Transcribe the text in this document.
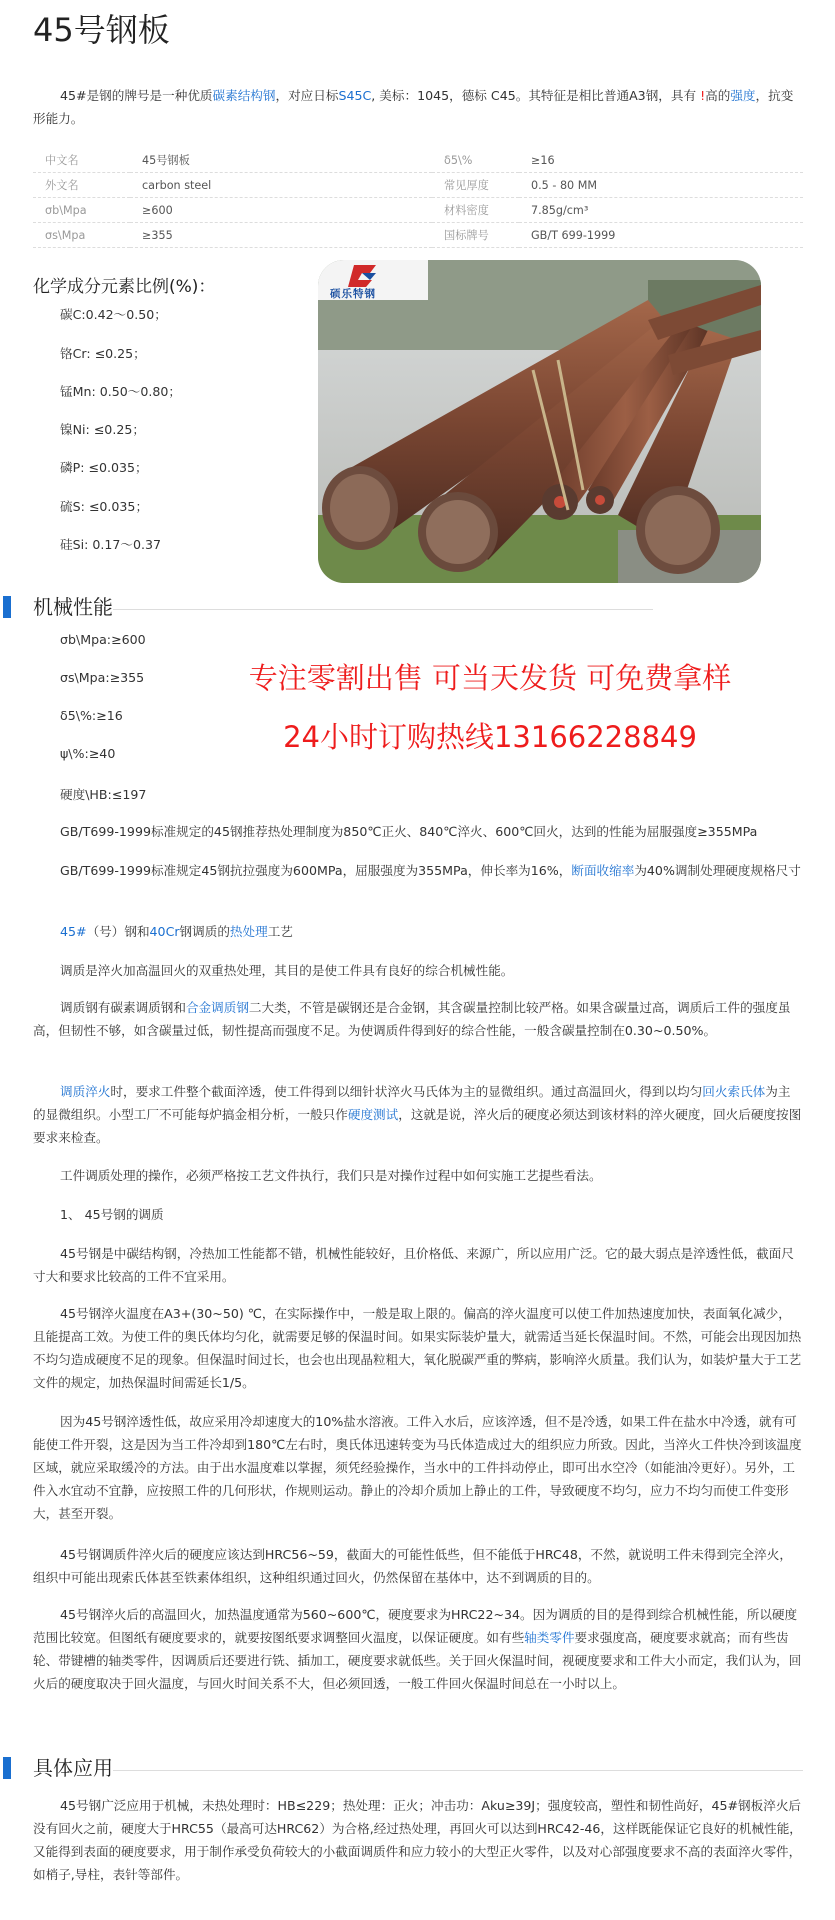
45号钢板
45#是钢的牌号是一种优质碳素结构钢，对应日标S45C, 美标：1045，德标 C45。其特征是相比普通A3钢，具有 !高的强度，抗变形能力。
中文名	45号钢板	δ5\%	≥16
外文名	carbon steel	常见厚度	0.5 - 80 MM
σb\Mpa	≥600	材料密度	7.85g/cm³
σs\Mpa	≥355	国标牌号	GB/T 699-1999
化学成分元素比例(%)：
碳C:0.42～0.50；
铬Cr: ≤0.25；
锰Mn: 0.50～0.80；
镍Ni: ≤0.25；
磷P: ≤0.035；
硫S: ≤0.035；
硅Si: 0.17～0.37
硕乐特钢
机械性能
σb\Mpa:≥600
σs\Mpa:≥355
δ5\%:≥16
ψ\%:≥40
硬度\HB:≤197
专注零割出售 可当天发货 可免费拿样
24小时订购热线13166228849
GB/T699-1999标准规定的45钢推荐热处理制度为850℃正火、840℃淬火、600℃回火，达到的性能为屈服强度≥355MPa
GB/T699-1999标准规定45钢抗拉强度为600MPa，屈服强度为355MPa，伸长率为16%，断面收缩率为40%调制处理硬度规格尺寸
45#（号）钢和40Cr钢调质的热处理工艺
调质是淬火加高温回火的双重热处理，其目的是使工件具有良好的综合机械性能。
调质钢有碳素调质钢和合金调质钢二大类，不管是碳钢还是合金钢，其含碳量控制比较严格。如果含碳量过高，调质后工件的强度虽高，但韧性不够，如含碳量过低，韧性提高而强度不足。为使调质件得到好的综合性能，一般含碳量控制在0.30~0.50%。
调质淬火时，要求工件整个截面淬透，使工件得到以细针状淬火马氏体为主的显微组织。通过高温回火，得到以均匀回火索氏体为主的显微组织。小型工厂不可能每炉搞金相分析，一般只作硬度测试，这就是说，淬火后的硬度必须达到该材料的淬火硬度，回火后硬度按图要求来检查。
工件调质处理的操作，必须严格按工艺文件执行，我们只是对操作过程中如何实施工艺提些看法。
1、 45号钢的调质
45号钢是中碳结构钢，冷热加工性能都不错，机械性能较好，且价格低、来源广，所以应用广泛。它的最大弱点是淬透性低，截面尺寸大和要求比较高的工件不宜采用。
45号钢淬火温度在A3+(30~50) ℃，在实际操作中，一般是取上限的。偏高的淬火温度可以使工件加热速度加快，表面氧化减少，且能提高工效。为使工件的奥氏体均匀化，就需要足够的保温时间。如果实际装炉量大，就需适当延长保温时间。不然，可能会出现因加热不均匀造成硬度不足的现象。但保温时间过长，也会也出现晶粒粗大，氧化脱碳严重的弊病，影响淬火质量。我们认为，如装炉量大于工艺文件的规定，加热保温时间需延长1/5。
因为45号钢淬透性低，故应采用冷却速度大的10%盐水溶液。工件入水后，应该淬透，但不是冷透，如果工件在盐水中冷透，就有可能使工件开裂，这是因为当工件冷却到180℃左右时，奥氏体迅速转变为马氏体造成过大的组织应力所致。因此，当淬火工件快冷到该温度区域，就应采取缓冷的方法。由于出水温度难以掌握，须凭经验操作，当水中的工件抖动停止，即可出水空冷（如能油冷更好）。另外，工件入水宜动不宜静，应按照工件的几何形状，作规则运动。静止的冷却介质加上静止的工件，导致硬度不均匀，应力不均匀而使工件变形大，甚至开裂。
45号钢调质件淬火后的硬度应该达到HRC56~59，截面大的可能性低些，但不能低于HRC48，不然，就说明工件未得到完全淬火，组织中可能出现索氏体甚至铁素体组织，这种组织通过回火，仍然保留在基体中，达不到调质的目的。
45号钢淬火后的高温回火，加热温度通常为560~600℃，硬度要求为HRC22~34。因为调质的目的是得到综合机械性能，所以硬度范围比较宽。但图纸有硬度要求的，就要按图纸要求调整回火温度，以保证硬度。如有些轴类零件要求强度高，硬度要求就高；而有些齿轮、带键槽的轴类零件，因调质后还要进行铣、插加工，硬度要求就低些。关于回火保温时间，视硬度要求和工件大小而定，我们认为，回火后的硬度取决于回火温度，与回火时间关系不大，但必须回透，一般工件回火保温时间总在一小时以上。
具体应用
45号钢广泛应用于机械，未热处理时：HB≤229；热处理：正火；冲击功：Aku≥39J；强度较高，塑性和韧性尚好，45#钢板淬火后没有回火之前，硬度大于HRC55（最高可达HRC62）为合格,经过热处理，再回火可以达到HRC42-46，这样既能保证它良好的机械性能，又能得到表面的硬度要求，用于制作承受负荷较大的小截面调质件和应力较小的大型正火零件，以及对心部强度要求不高的表面淬火零件，如梢子,导柱，表针等部件。
